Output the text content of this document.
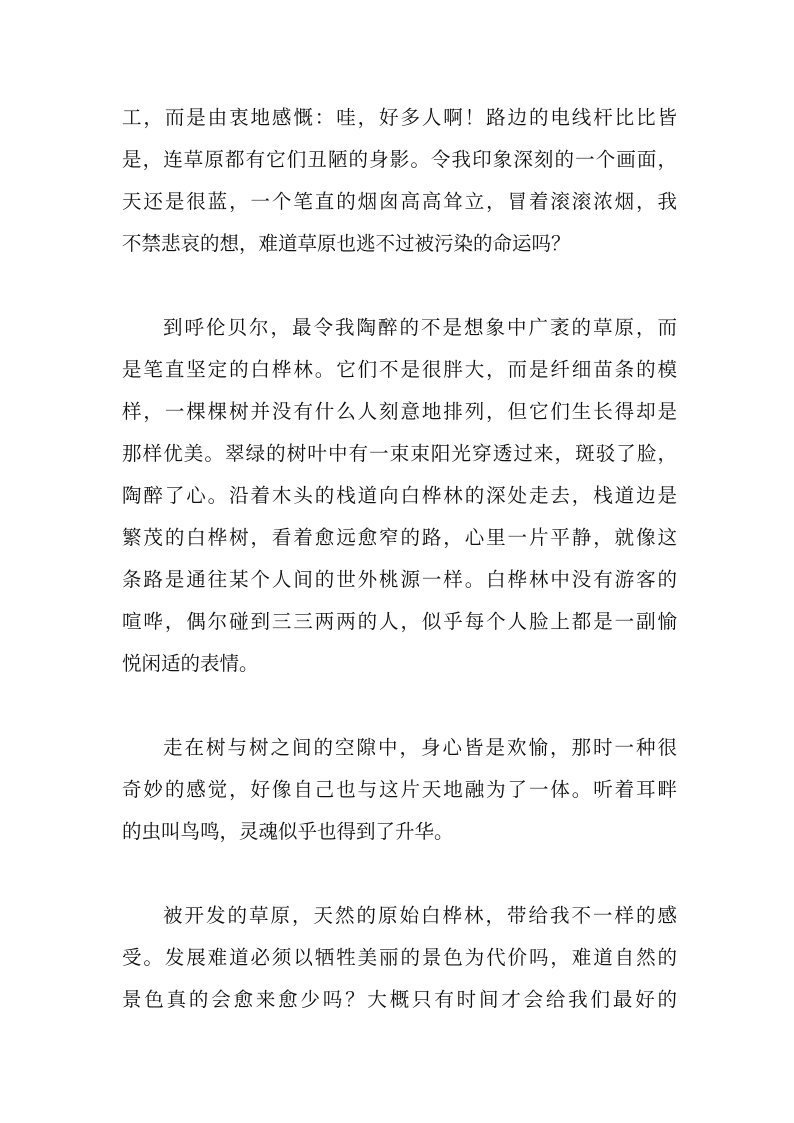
工，而是由衷地感慨：哇，好多人啊！路边的电线杆比比皆
是，连草原都有它们丑陋的身影。令我印象深刻的一个画面，
天还是很蓝，一个笔直的烟囱高高耸立，冒着滚滚浓烟，我
不禁悲哀的想，难道草原也逃不过被污染的命运吗？
到呼伦贝尔，最令我陶醉的不是想象中广袤的草原，而
是笔直坚定的白桦林。它们不是很胖大，而是纤细苗条的模
样，一棵棵树并没有什么人刻意地排列，但它们生长得却是
那样优美。翠绿的树叶中有一束束阳光穿透过来，斑驳了脸，
陶醉了心。沿着木头的栈道向白桦林的深处走去，栈道边是
繁茂的白桦树，看着愈远愈窄的路，心里一片平静，就像这
条路是通往某个人间的世外桃源一样。白桦林中没有游客的
喧哗，偶尔碰到三三两两的人，似乎每个人脸上都是一副愉
悦闲适的表情。
走在树与树之间的空隙中，身心皆是欢愉，那时一种很
奇妙的感觉，好像自己也与这片天地融为了一体。听着耳畔
的虫叫鸟鸣，灵魂似乎也得到了升华。
被开发的草原，天然的原始白桦林，带给我不一样的感
受。发展难道必须以牺牲美丽的景色为代价吗，难道自然的
景色真的会愈来愈少吗？大概只有时间才会给我们最好的
